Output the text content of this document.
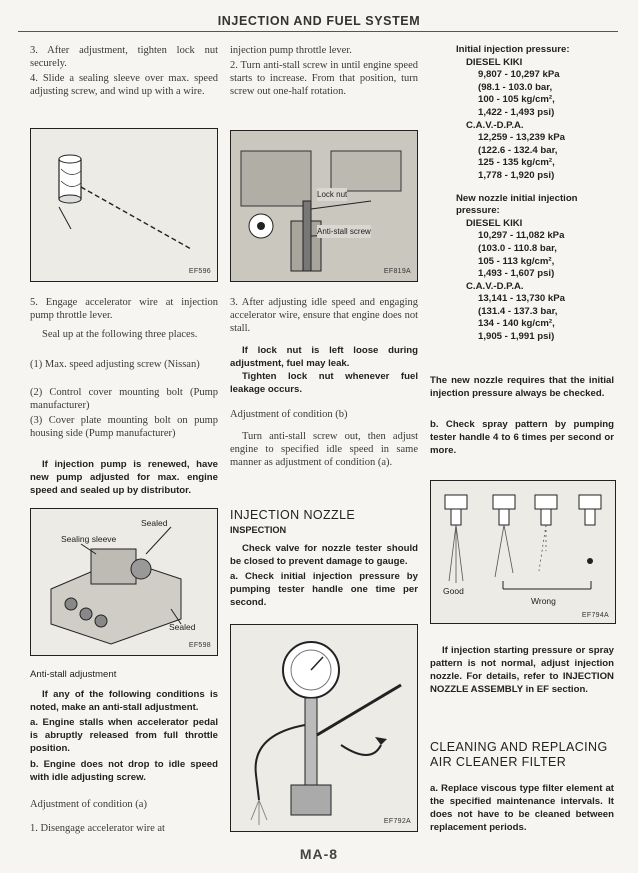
INJECTION AND FUEL SYSTEM
3. After adjustment, tighten lock nut securely.
4. Slide a sealing sleeve over max. speed adjusting screw, and wind up with a wire.
EF596
5. Engage accelerator wire at injection pump throttle lever.
Seal up at the following three places.
(1) Max. speed adjusting screw (Nissan)
(2) Control cover mounting bolt (Pump manufacturer)
(3) Cover plate mounting bolt on pump housing side (Pump manufacturer)
If injection pump is renewed, have new pump adjusted for max. engine speed and sealed up by distributor.
Sealed
Sealing sleeve
Sealed
EF598
Anti-stall adjustment
If any of the following conditions is noted, make an anti-stall adjustment.
a. Engine stalls when accelerator pedal is abruptly released from full throttle position.
b. Engine does not drop to idle speed with idle adjusting screw.
Adjustment of condition (a)
1. Disengage accelerator wire at
injection pump throttle lever.
2. Turn anti-stall screw in until engine speed starts to increase. From that position, turn screw out one-half rotation.
Lock nut
Anti-stall screw
EF819A
3. After adjusting idle speed and engaging accelerator wire, ensure that engine does not stall.
If lock nut is left loose during adjustment, fuel may leak.
Tighten lock nut whenever fuel leakage occurs.
Adjustment of condition (b)
Turn anti-stall screw out, then adjust engine to specified idle speed in same manner as adjustment of condition (a).
INJECTION NOZZLE
INSPECTION
Check valve for nozzle tester should be closed to prevent damage to gauge.
a. Check initial injection pressure by pumping tester handle one time per second.
EF792A
Initial injection pressure:
DIESEL KIKI
9,807 - 10,297 kPa
(98.1 - 103.0 bar,
100 - 105 kg/cm²,
1,422 - 1,493 psi)
C.A.V.-D.P.A.
12,259 - 13,239 kPa
(122.6 - 132.4 bar,
125 - 135 kg/cm²,
1,778 - 1,920 psi)
New nozzle initial injection pressure:
DIESEL KIKI
10,297 - 11,082 kPa
(103.0 - 110.8 bar,
105 - 113 kg/cm²,
1,493 - 1,607 psi)
C.A.V.-D.P.A.
13,141 - 13,730 kPa
(131.4 - 137.3 bar,
134 - 140 kg/cm²,
1,905 - 1,991 psi)
The new nozzle requires that the initial injection pressure always be checked.
b. Check spray pattern by pumping tester handle 4 to 6 times per second or more.
Good
Wrong
EF794A
If injection starting pressure or spray pattern is not normal, adjust injection nozzle. For details, refer to INJECTION NOZZLE ASSEMBLY in EF section.
CLEANING AND REPLACING AIR CLEANER FILTER
a. Replace viscous type filter element at the specified maintenance intervals. It does not have to be cleaned between replacement periods.
MA-8
